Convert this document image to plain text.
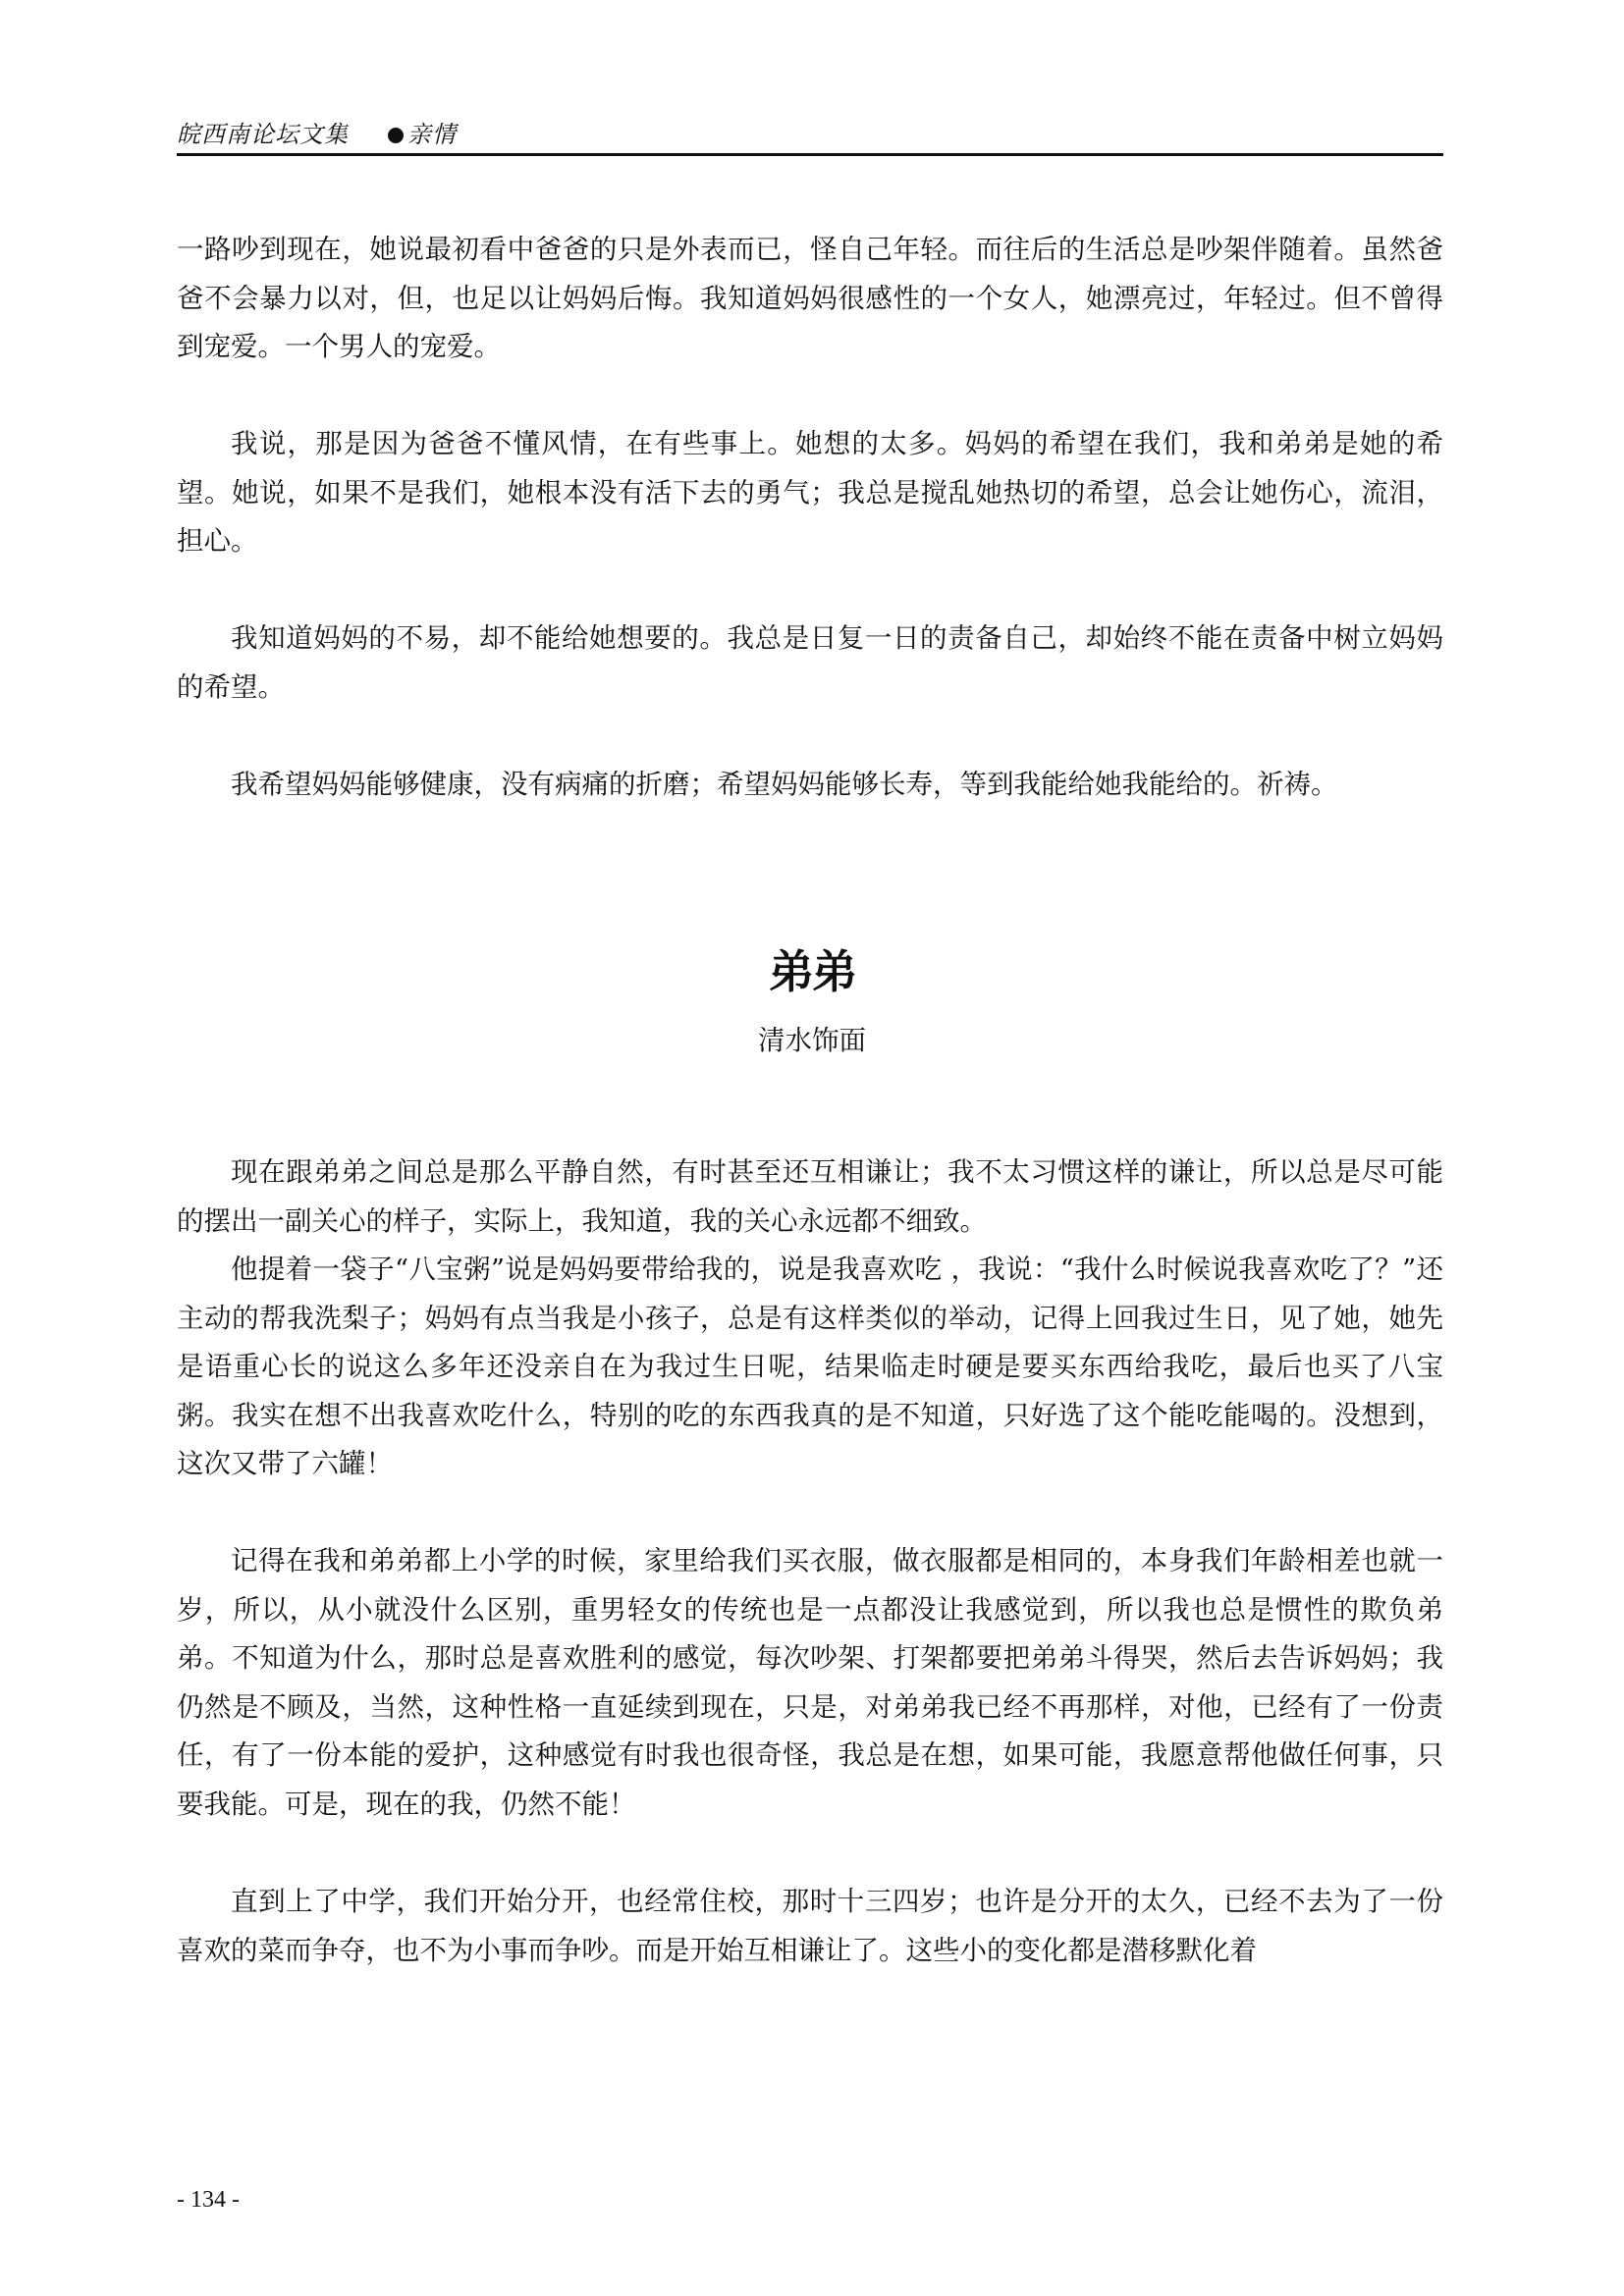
皖西南论坛文集	亲情

一路吵到现在，她说最初看中爸爸的只是外表而已，怪自己年轻。而往后的生活总是吵架伴随着。虽然爸爸不会暴力以对，但，也足以让妈妈后悔。我知道妈妈很感性的一个女人，她漂亮过，年轻过。但不曾得到宠爱。一个男人的宠爱。

我说，那是因为爸爸不懂风情，在有些事上。她想的太多。妈妈的希望在我们，我和弟弟是她的希望。她说，如果不是我们，她根本没有活下去的勇气；我总是搅乱她热切的希望，总会让她伤心，流泪，担心。

我知道妈妈的不易，却不能给她想要的。我总是日复一日的责备自己，却始终不能在责备中树立妈妈的希望。

我希望妈妈能够健康，没有病痛的折磨；希望妈妈能够长寿，等到我能给她我能给的。祈祷。

弟弟
清水饰面

现在跟弟弟之间总是那么平静自然，有时甚至还互相谦让；我不太习惯这样的谦让，所以总是尽可能的摆出一副关心的样子，实际上，我知道，我的关心永远都不细致。

他提着一袋子“八宝粥”说是妈妈要带给我的，说是我喜欢吃 ，我说：“我什么时候说我喜欢吃了？”还主动的帮我洗梨子；妈妈有点当我是小孩子，总是有这样类似的举动，记得上回我过生日，见了她，她先是语重心长的说这么多年还没亲自在为我过生日呢，结果临走时硬是要买东西给我吃，最后也买了八宝粥。我实在想不出我喜欢吃什么，特别的吃的东西我真的是不知道，只好选了这个能吃能喝的。没想到，这次又带了六罐！

记得在我和弟弟都上小学的时候，家里给我们买衣服，做衣服都是相同的，本身我们年龄相差也就一岁，所以，从小就没什么区别，重男轻女的传统也是一点都没让我感觉到，所以我也总是惯性的欺负弟弟。不知道为什么，那时总是喜欢胜利的感觉，每次吵架、打架都要把弟弟斗得哭，然后去告诉妈妈；我仍然是不顾及，当然，这种性格一直延续到现在，只是，对弟弟我已经不再那样，对他，已经有了一份责任，有了一份本能的爱护，这种感觉有时我也很奇怪，我总是在想，如果可能，我愿意帮他做任何事，只要我能。可是，现在的我，仍然不能！

直到上了中学，我们开始分开，也经常住校，那时十三四岁；也许是分开的太久，已经不去为了一份喜欢的菜而争夺，也不为小事而争吵。而是开始互相谦让了。这些小的变化都是潜移默化着

- 134 -
